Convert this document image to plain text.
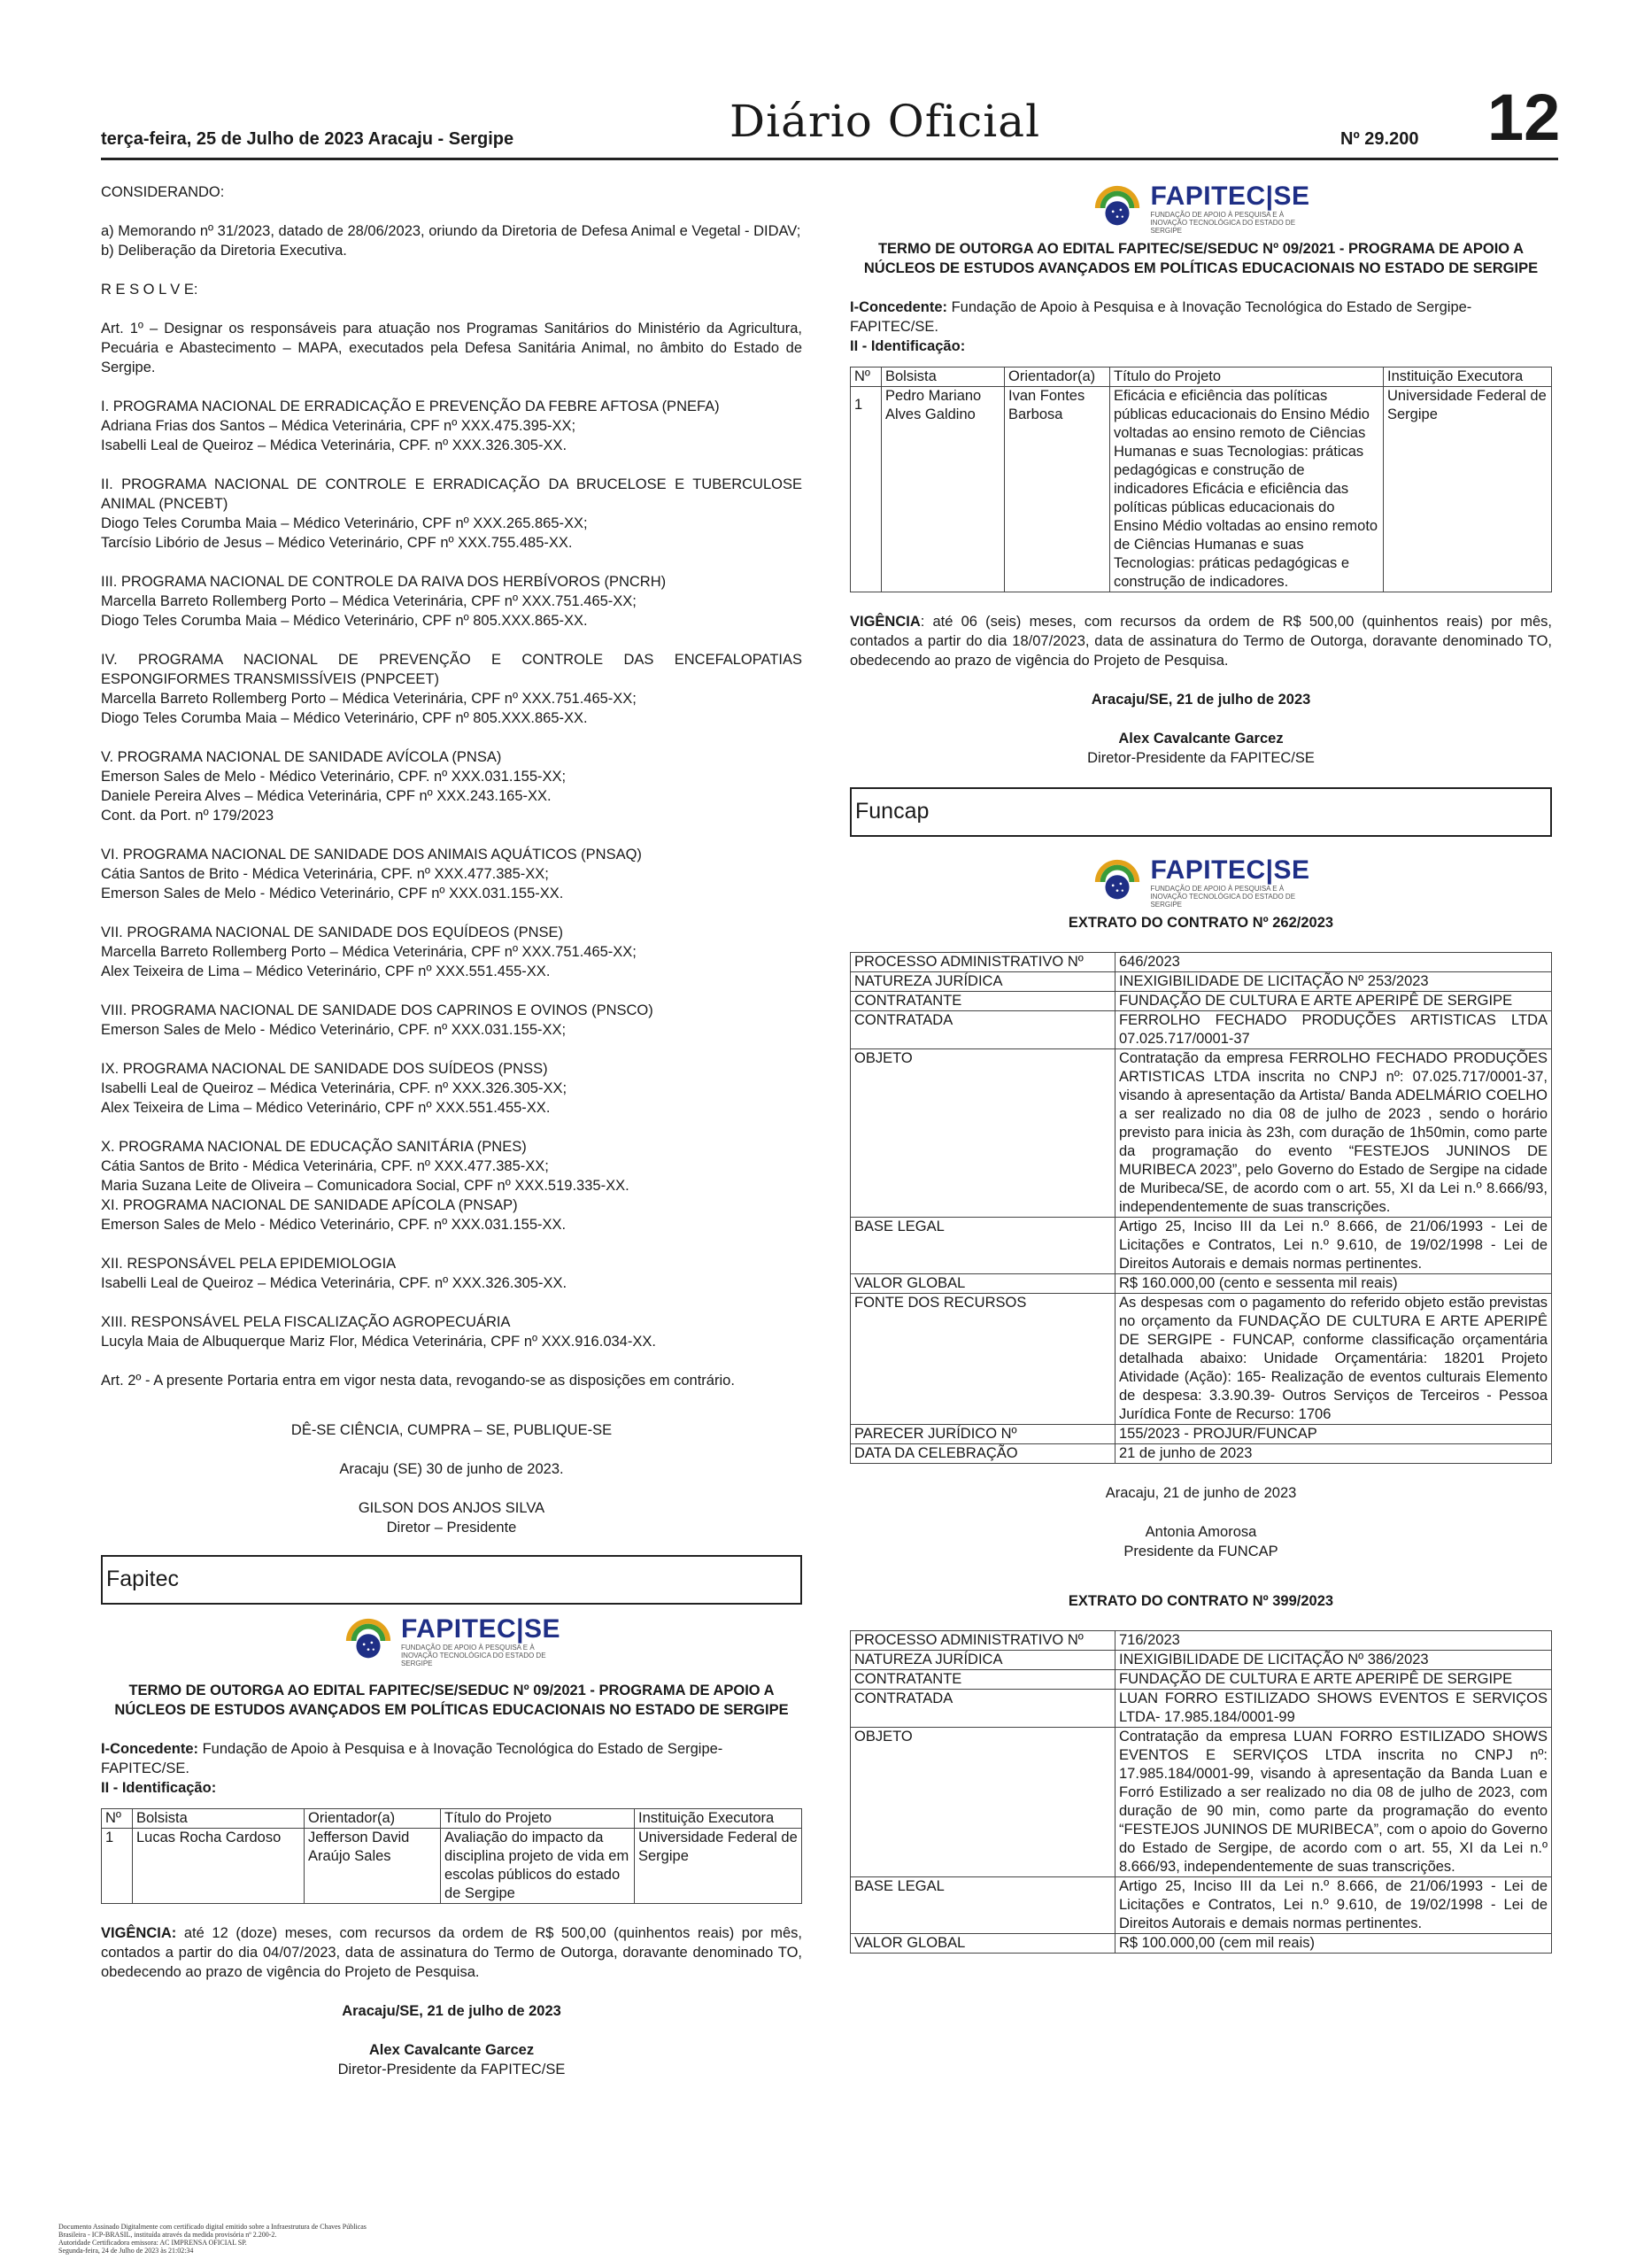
terça-feira, 25 de Julho de 2023 Aracaju - Sergipe	Diário Oficial	Nº 29.200 12

CONSIDERANDO:

a) Memorando nº 31/2023, datado de 28/06/2023, oriundo da Diretoria de Defesa Animal e Vegetal - DIDAV;

b) Deliberação da Diretoria Executiva.

R E S O L V E:

Art. 1º – Designar os responsáveis para atuação nos Programas Sanitários do Ministério da Agricultura, Pecuária e Abastecimento – MAPA, executados pela Defesa Sanitária Animal, no âmbito do Estado de Sergipe.

I. PROGRAMA NACIONAL DE ERRADICAÇÃO E PREVENÇÃO DA FEBRE AFTOSA (PNEFA)

Adriana Frias dos Santos – Médica Veterinária, CPF nº XXX.475.395-XX;

Isabelli Leal de Queiroz – Médica Veterinária, CPF. nº XXX.326.305-XX.

II. PROGRAMA NACIONAL DE CONTROLE E ERRADICAÇÃO DA BRUCELOSE E TUBERCULOSE ANIMAL (PNCEBT)

Diogo Teles Corumba Maia – Médico Veterinário, CPF nº XXX.265.865-XX;

Tarcísio Libório de Jesus – Médico Veterinário, CPF nº XXX.755.485-XX.

III. PROGRAMA NACIONAL DE CONTROLE DA RAIVA DOS HERBÍVOROS (PNCRH)

Marcella Barreto Rollemberg Porto – Médica Veterinária, CPF nº XXX.751.465-XX;

Diogo Teles Corumba Maia – Médico Veterinário, CPF nº 805.XXX.865-XX.

IV. PROGRAMA NACIONAL DE PREVENÇÃO E CONTROLE DAS ENCEFALOPATIAS ESPONGIFORMES TRANSMISSÍVEIS (PNPCEET)

Marcella Barreto Rollemberg Porto – Médica Veterinária, CPF nº XXX.751.465-XX;

Diogo Teles Corumba Maia – Médico Veterinário, CPF nº 805.XXX.865-XX.

V. PROGRAMA NACIONAL DE SANIDADE AVÍCOLA (PNSA)

Emerson Sales de Melo - Médico Veterinário, CPF. nº XXX.031.155-XX;

Daniele Pereira Alves – Médica Veterinária, CPF nº XXX.243.165-XX.

Cont. da Port. nº 179/2023

VI. PROGRAMA NACIONAL DE SANIDADE DOS ANIMAIS AQUÁTICOS (PNSAQ)

Cátia Santos de Brito - Médica Veterinária, CPF. nº XXX.477.385-XX;

Emerson Sales de Melo - Médico Veterinário, CPF nº XXX.031.155-XX.

VII. PROGRAMA NACIONAL DE SANIDADE DOS EQUÍDEOS (PNSE)

Marcella Barreto Rollemberg Porto – Médica Veterinária, CPF nº XXX.751.465-XX;

Alex Teixeira de Lima – Médico Veterinário, CPF nº XXX.551.455-XX.

VIII. PROGRAMA NACIONAL DE SANIDADE DOS CAPRINOS E OVINOS (PNSCO)

Emerson Sales de Melo - Médico Veterinário, CPF. nº XXX.031.155-XX;

IX. PROGRAMA NACIONAL DE SANIDADE DOS SUÍDEOS (PNSS)

Isabelli Leal de Queiroz – Médica Veterinária, CPF. nº XXX.326.305-XX;

Alex Teixeira de Lima – Médico Veterinário, CPF nº XXX.551.455-XX.

X. PROGRAMA NACIONAL DE EDUCAÇÃO SANITÁRIA (PNES)

Cátia Santos de Brito - Médica Veterinária, CPF. nº XXX.477.385-XX;

Maria Suzana Leite de Oliveira – Comunicadora Social, CPF nº XXX.519.335-XX.

XI. PROGRAMA NACIONAL DE SANIDADE APÍCOLA (PNSAP)

Emerson Sales de Melo - Médico Veterinário, CPF. nº XXX.031.155-XX.

XII. RESPONSÁVEL PELA EPIDEMIOLOGIA

Isabelli Leal de Queiroz – Médica Veterinária, CPF. nº XXX.326.305-XX.

XIII. RESPONSÁVEL PELA FISCALIZAÇÃO AGROPECUÁRIA

Lucyla Maia de Albuquerque Mariz Flor, Médica Veterinária, CPF nº XXX.916.034-XX.

Art. 2º - A presente Portaria entra em vigor nesta data, revogando-se as disposições em contrário.

DÊ-SE CIÊNCIA, CUMPRA – SE, PUBLIQUE-SE

Aracaju (SE) 30 de junho de 2023.

GILSON DOS ANJOS SILVA

Diretor – Presidente

Fapitec
FAPITEC|SE
FUNDAÇÃO DE APOIO À PESQUISA E À INOVAÇÃO TECNOLÓGICA DO ESTADO DE SERGIPE

TERMO DE OUTORGA AO EDITAL FAPITEC/SE/SEDUC Nº 09/2021 - PROGRAMA DE APOIO A NÚCLEOS DE ESTUDOS AVANÇADOS EM POLÍTICAS EDUCACIONAIS NO ESTADO DE SERGIPE

I-Concedente: Fundação de Apoio à Pesquisa e à Inovação Tecnológica do Estado de Sergipe- FAPITEC/SE.

II - Identificação:

Nº	Bolsista	Orientador(a)	Título do Projeto	Instituição Executora
1	Lucas Rocha Cardoso	Jefferson David Araújo Sales	Avaliação do impacto da disciplina projeto de vida em escolas públicos do estado de Sergipe	Universidade Federal de Sergipe

VIGÊNCIA: até 12 (doze) meses, com recursos da ordem de R$ 500,00 (quinhentos reais) por mês, contados a partir do dia 04/07/2023, data de assinatura do Termo de Outorga, doravante denominado TO, obedecendo ao prazo de vigência do Projeto de Pesquisa.

Aracaju/SE, 21 de julho de 2023

Alex Cavalcante Garcez

Diretor-Presidente da FAPITEC/SE

FAPITEC|SE
FUNDAÇÃO DE APOIO À PESQUISA E À INOVAÇÃO TECNOLÓGICA DO ESTADO DE SERGIPE

TERMO DE OUTORGA AO EDITAL FAPITEC/SE/SEDUC Nº 09/2021 - PROGRAMA DE APOIO A NÚCLEOS DE ESTUDOS AVANÇADOS EM POLÍTICAS EDUCACIONAIS NO ESTADO DE SERGIPE

I-Concedente: Fundação de Apoio à Pesquisa e à Inovação Tecnológica do Estado de Sergipe- FAPITEC/SE.

II - Identificação:

Nº	Bolsista	Orientador(a)	Título do Projeto	Instituição Executora
1	Pedro Mariano Alves Galdino	Ivan Fontes Barbosa	Eficácia e eficiência das políticas públicas educacionais do Ensino Médio voltadas ao ensino remoto de Ciências Humanas e suas Tecnologias: práticas pedagógicas e construção de indicadores Eficácia e eficiência das políticas públicas educacionais do Ensino Médio voltadas ao ensino remoto de Ciências Humanas e suas Tecnologias: práticas pedagógicas e construção de indicadores.	Universidade Federal de Sergipe

VIGÊNCIA: até 06 (seis) meses, com recursos da ordem de R$ 500,00 (quinhentos reais) por mês, contados a partir do dia 18/07/2023, data de assinatura do Termo de Outorga, doravante denominado TO, obedecendo ao prazo de vigência do Projeto de Pesquisa.

Aracaju/SE, 21 de julho de 2023

Alex Cavalcante Garcez

Diretor-Presidente da FAPITEC/SE

Funcap
FAPITEC|SE
FUNDAÇÃO DE APOIO À PESQUISA E À INOVAÇÃO TECNOLÓGICA DO ESTADO DE SERGIPE

EXTRATO DO CONTRATO Nº 262/2023

PROCESSO ADMINISTRATIVO Nº	646/2023
NATUREZA JURÍDICA	INEXIGIBILIDADE DE LICITAÇÃO Nº 253/2023
CONTRATANTE	FUNDAÇÃO DE CULTURA E ARTE APERIPÊ DE SERGIPE
CONTRATADA	FERROLHO FECHADO PRODUÇÕES ARTISTICAS LTDA 07.025.717/0001-37
OBJETO	Contratação da empresa FERROLHO FECHADO PRODUÇÕES ARTISTICAS LTDA inscrita no CNPJ nº: 07.025.717/0001-37, visando à apresentação da Artista/ Banda ADELMÁRIO COELHO a ser realizado no dia 08 de julho de 2023 , sendo o horário previsto para inicia às 23h, com duração de 1h50min, como parte da programação do evento “FESTEJOS JUNINOS DE MURIBECA 2023”, pelo Governo do Estado de Sergipe na cidade de Muribeca/SE, de acordo com o art. 55, XI da Lei n.º 8.666/93, independentemente de suas transcrições.
BASE LEGAL	Artigo 25, Inciso III da Lei n.º 8.666, de 21/06/1993 - Lei de Licitações e Contratos, Lei n.º 9.610, de 19/02/1998 - Lei de Direitos Autorais e demais normas pertinentes.
VALOR GLOBAL	R$ 160.000,00 (cento e sessenta mil reais)
FONTE DOS RECURSOS	As despesas com o pagamento do referido objeto estão previstas no orçamento da FUNDAÇÃO DE CULTURA E ARTE APERIPÊ DE SERGIPE - FUNCAP, conforme classificação orçamentária detalhada abaixo: Unidade Orçamentária: 18201 Projeto Atividade (Ação): 165- Realização de eventos culturais Elemento de despesa: 3.3.90.39- Outros Serviços de Terceiros - Pessoa Jurídica Fonte de Recurso: 1706
PARECER JURÍDICO Nº	155/2023 - PROJUR/FUNCAP
DATA DA CELEBRAÇÃO	21 de junho de 2023

Aracaju, 21 de junho de 2023

Antonia Amorosa

Presidente da FUNCAP

EXTRATO DO CONTRATO Nº 399/2023

PROCESSO ADMINISTRATIVO Nº	716/2023
NATUREZA JURÍDICA	INEXIGIBILIDADE DE LICITAÇÃO Nº 386/2023
CONTRATANTE	FUNDAÇÃO DE CULTURA E ARTE APERIPÊ DE SERGIPE
CONTRATADA	LUAN FORRO ESTILIZADO SHOWS EVENTOS E SERVIÇOS LTDA- 17.985.184/0001-99
OBJETO	Contratação da empresa LUAN FORRO ESTILIZADO SHOWS EVENTOS E SERVIÇOS LTDA inscrita no CNPJ nº: 17.985.184/0001-99, visando à apresentação da Banda Luan e Forró Estilizado a ser realizado no dia 08 de julho de 2023, com duração de 90 min, como parte da programação do evento “FESTEJOS JUNINOS DE MURIBECA”, com o apoio do Governo do Estado de Sergipe, de acordo com o art. 55, XI da Lei n.º 8.666/93, independentemente de suas transcrições.
BASE LEGAL	Artigo 25, Inciso III da Lei n.º 8.666, de 21/06/1993 - Lei de Licitações e Contratos, Lei n.º 9.610, de 19/02/1998 - Lei de Direitos Autorais e demais normas pertinentes.
VALOR GLOBAL	R$ 100.000,00 (cem mil reais)
Documento Assinado Digitalmente com certificado digital emitido sobre a Infraestrutura de Chaves Públicas
Brasileira - ICP-BRASIL, instituída através da medida provisória nº 2.200-2.
Autoridade Certificadora emissora: AC IMPRENSA OFICIAL SP.
Segunda-feira, 24 de Julho de 2023 às 21:02:34
